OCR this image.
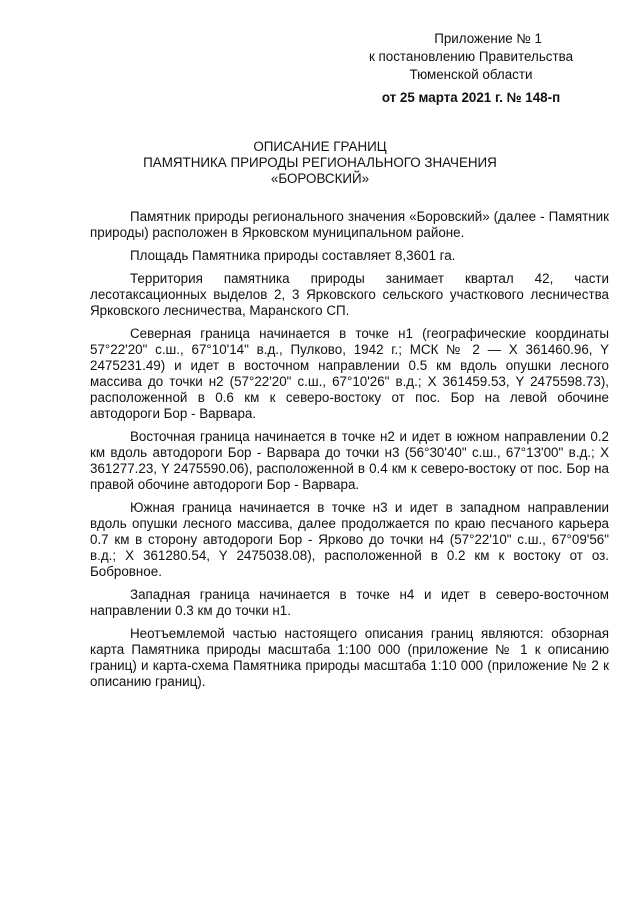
Приложение № 1
к постановлению Правительства
Тюменской области
от 25 марта 2021 г. № 148-п
ОПИСАНИЕ ГРАНИЦ
ПАМЯТНИКА ПРИРОДЫ РЕГИОНАЛЬНОГО ЗНАЧЕНИЯ
«БОРОВСКИЙ»

Памятник природы регионального значения «Боровский» (далее - Памятник природы) расположен в Ярковском муниципальном районе.

Площадь Памятника природы составляет 8,3601 га.

Территория памятника природы занимает квартал 42, части лесотаксационных выделов 2, 3 Ярковского сельского участкового лесничества Ярковского лесничества, Маранского СП.

Северная граница начинается в точке н1 (географические координаты 57°22'20" с.ш., 67°10'14" в.д., Пулково, 1942 г.; МСК № 2 — X 361460.96, Y 2475231.49) и идет в восточном направлении 0.5 км вдоль опушки лесного массива до точки н2 (57°22'20" с.ш., 67°10'26" в.д.; X 361459.53, Y 2475598.73), расположенной в 0.6 км к северо-востоку от пос. Бор на левой обочине автодороги Бор - Варвара.

Восточная граница начинается в точке н2 и идет в южном направлении 0.2 км вдоль автодороги Бор - Варвара до точки н3 (56°30'40" с.ш., 67°13'00" в.д.; X 361277.23, Y 2475590.06), расположенной в 0.4 км к северо-востоку от пос. Бор на правой обочине автодороги Бор - Варвара.

Южная граница начинается в точке н3 и идет в западном направлении вдоль опушки лесного массива, далее продолжается по краю песчаного карьера 0.7 км в сторону автодороги Бор - Ярково до точки н4 (57°22'10" с.ш., 67°09'56" в.д.; X 361280.54, Y 2475038.08), расположенной в 0.2 км к востоку от оз. Бобровное.

Западная граница начинается в точке н4 и идет в северо-восточном направлении 0.3 км до точки н1.

Неотъемлемой частью настоящего описания границ являются: обзорная карта Памятника природы масштаба 1:100 000 (приложение № 1 к описанию границ) и карта-схема Памятника природы масштаба 1:10 000 (приложение № 2 к описанию границ).
